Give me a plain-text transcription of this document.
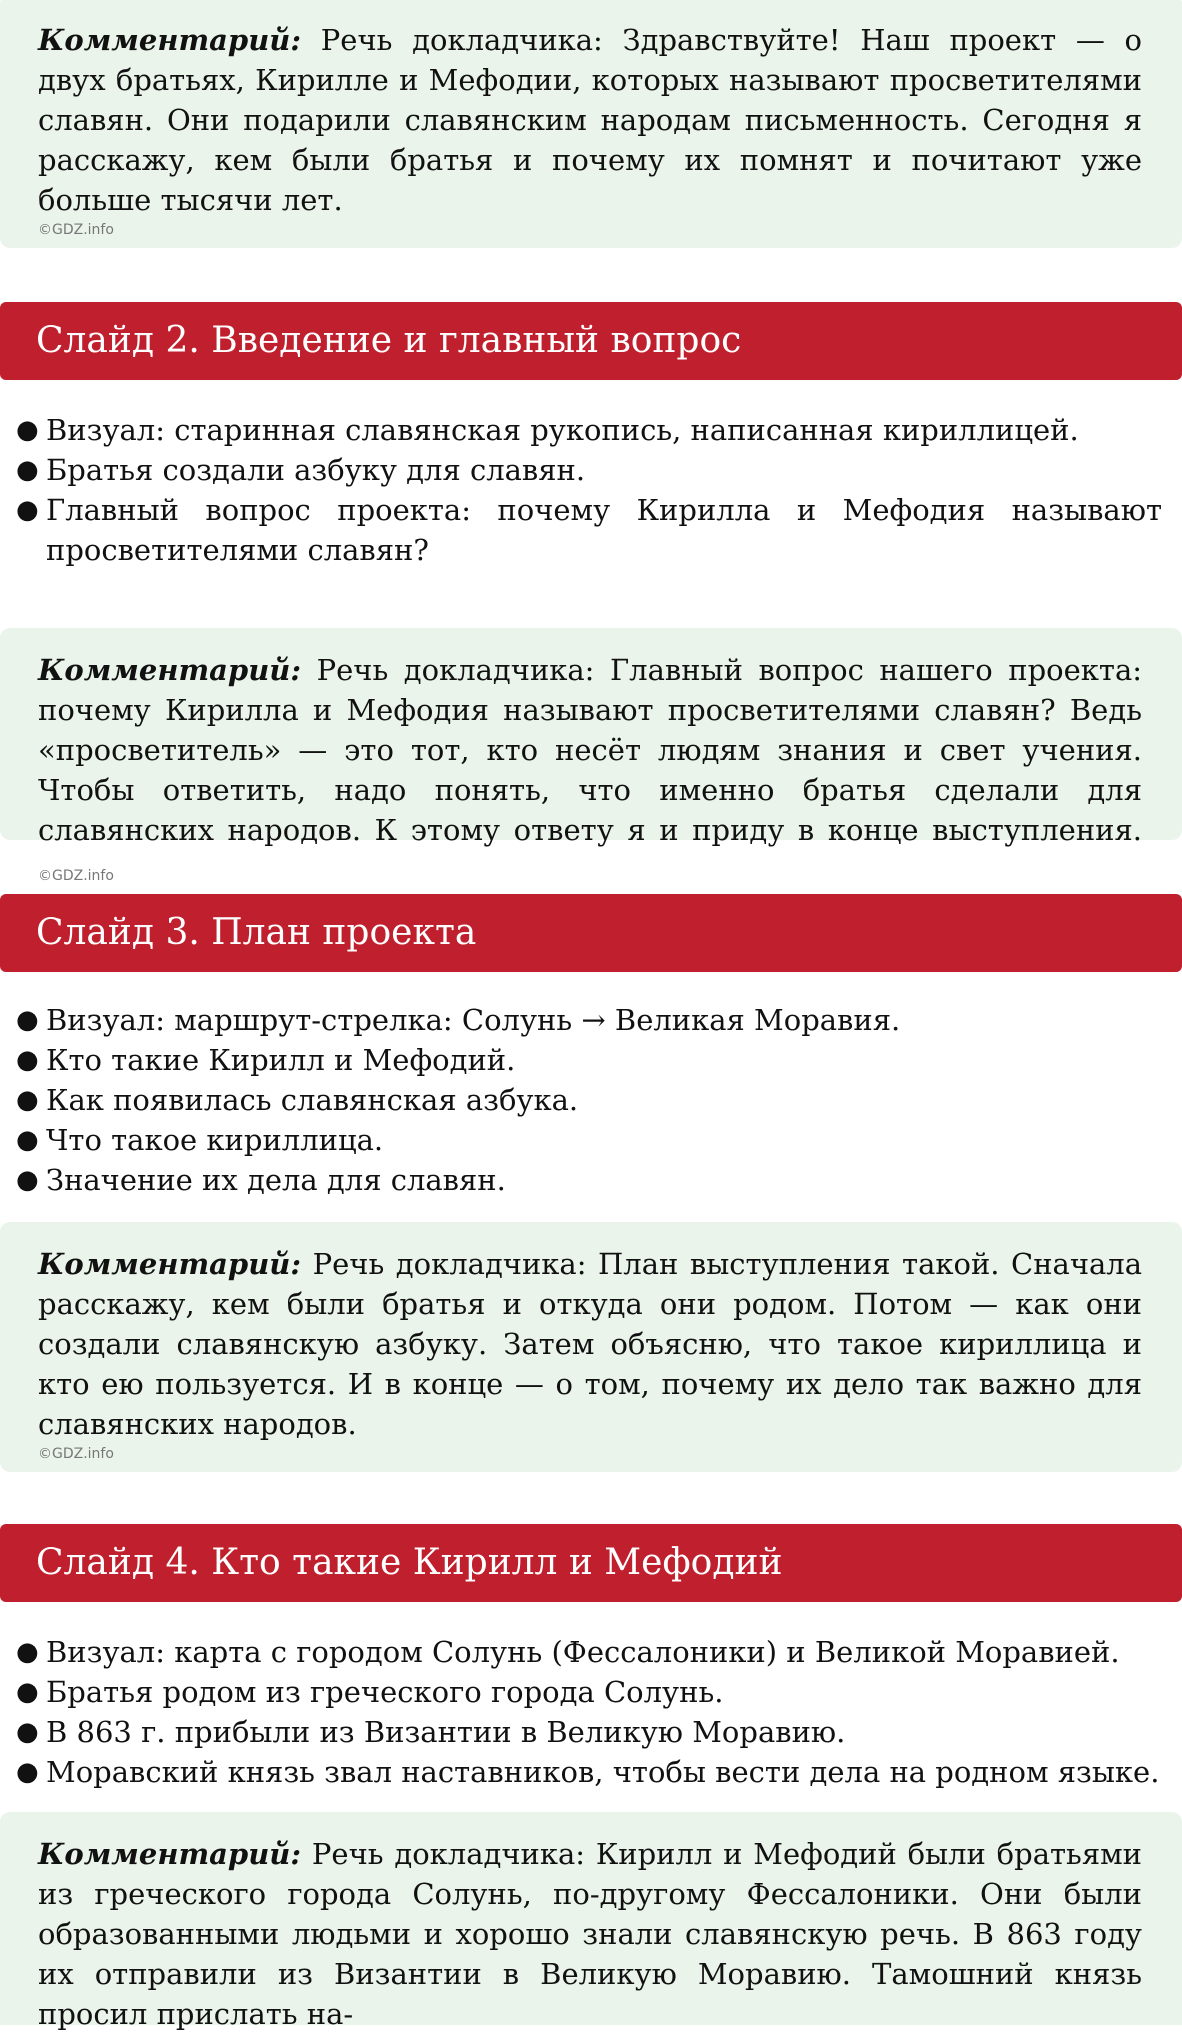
Комментарий: Речь докладчика: Здравствуйте! Наш проект — о двух братьях, Кирилле и Мефодии, которых называют просветителями славян. Они подарили славянским народам письменность. Сегодня я расскажу, кем были братья и почему их помнят и почитают уже больше тысячи лет.
©GDZ.info
Слайд 2. Введение и главный вопрос
● Визуал: старинная славянская рукопись, написанная кириллицей.
● Братья создали азбуку для славян.
● Главный вопрос проекта: почему Кирилла и Мефодия называют просветителями славян?
Комментарий: Речь докладчика: Главный вопрос нашего проекта: почему Кирилла и Мефодия называют просветителями славян? Ведь «просветитель» — это тот, кто несёт людям знания и свет учения. Чтобы ответить, надо понять, что именно братья сделали для славянских народов. К этому ответу я и приду в конце выступления. ©GDZ.info
Слайд 3. План проекта
● Визуал: маршрут-стрелка: Солунь → Великая Моравия.
● Кто такие Кирилл и Мефодий.
● Как появилась славянская азбука.
● Что такое кириллица.
● Значение их дела для славян.
Комментарий: Речь докладчика: План выступления такой. Сначала расскажу, кем были братья и откуда они родом. Потом — как они создали славянскую азбуку. Затем объясню, что такое кириллица и кто ею пользуется. И в конце — о том, почему их дело так важно для славянских народов.
©GDZ.info
Слайд 4. Кто такие Кирилл и Мефодий
● Визуал: карта с городом Солунь (Фессалоники) и Великой Моравией.
● Братья родом из греческого города Солунь.
● В 863 г. прибыли из Византии в Великую Моравию.
● Моравский князь звал наставников, чтобы вести дела на родном языке.
Комментарий: Речь докладчика: Кирилл и Мефодий были братьями из греческого города Солунь, по-другому Фессалоники. Они были образованными людьми и хорошо знали славянскую речь. В 863 году их отправили из Византии в Великую Моравию. Тамошний князь просил прислать на-
